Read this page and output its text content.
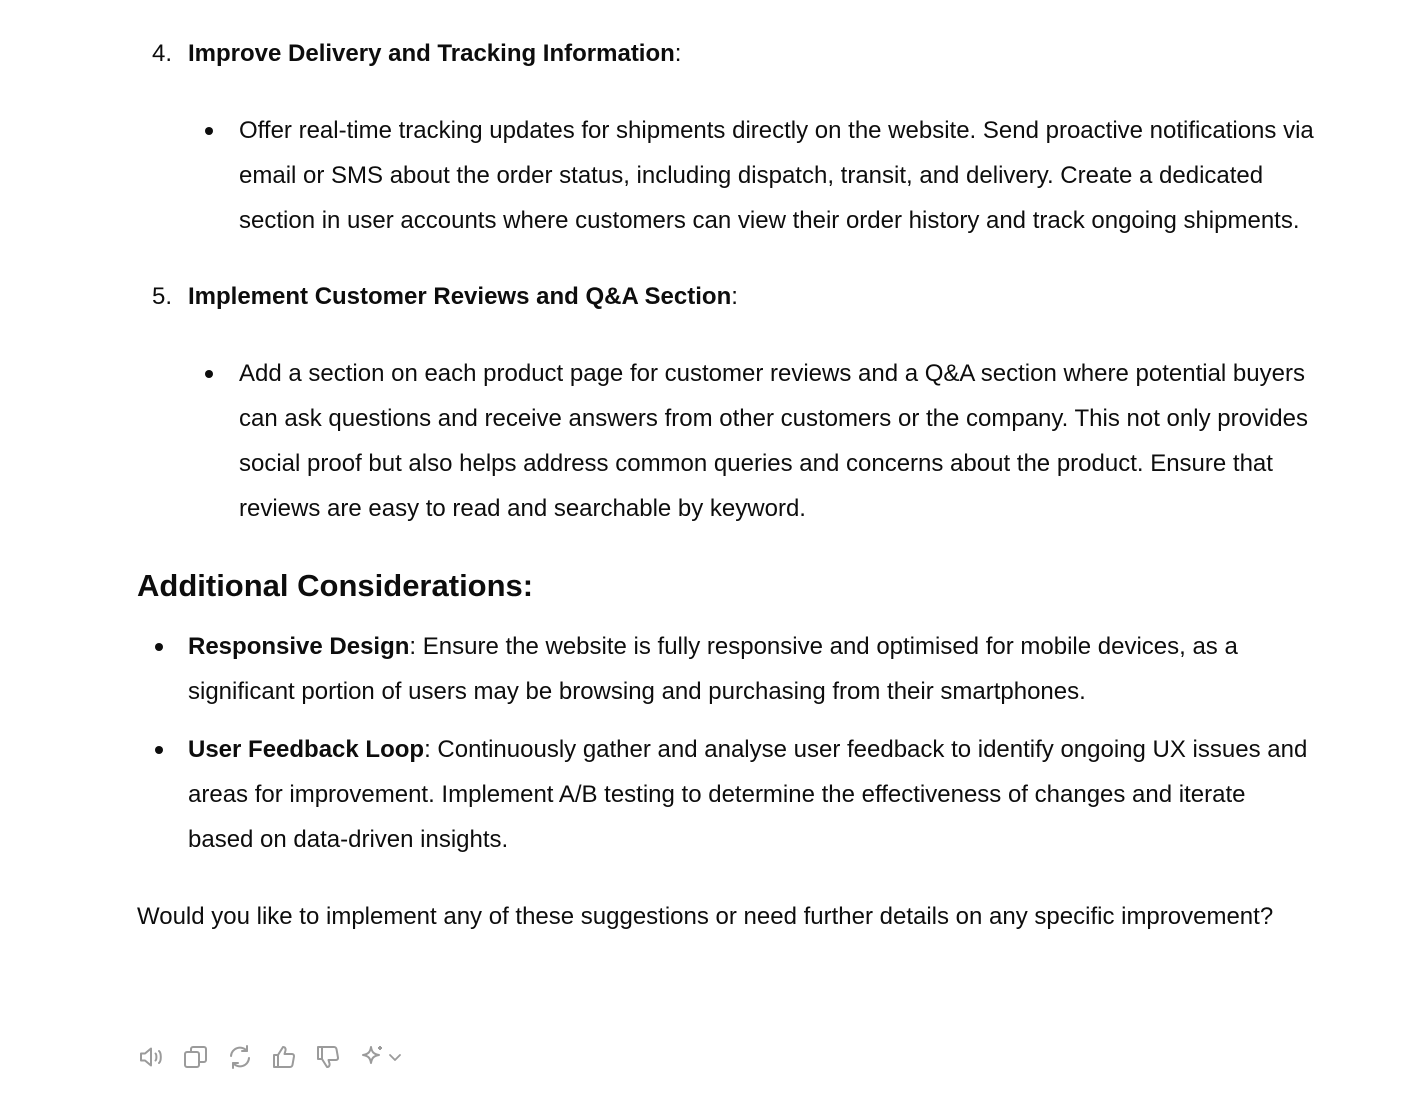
4. Improve Delivery and Tracking Information:
Offer real-time tracking updates for shipments directly on the website. Send proactive notifications via email or SMS about the order status, including dispatch, transit, and delivery. Create a dedicated section in user accounts where customers can view their order history and track ongoing shipments.
5. Implement Customer Reviews and Q&A Section:
Add a section on each product page for customer reviews and a Q&A section where potential buyers can ask questions and receive answers from other customers or the company. This not only provides social proof but also helps address common queries and concerns about the product. Ensure that reviews are easy to read and searchable by keyword.
Additional Considerations:
Responsive Design: Ensure the website is fully responsive and optimised for mobile devices, as a significant portion of users may be browsing and purchasing from their smartphones.
User Feedback Loop: Continuously gather and analyse user feedback to identify ongoing UX issues and areas for improvement. Implement A/B testing to determine the effectiveness of changes and iterate based on data-driven insights.

Would you like to implement any of these suggestions or need further details on any specific improvement?
